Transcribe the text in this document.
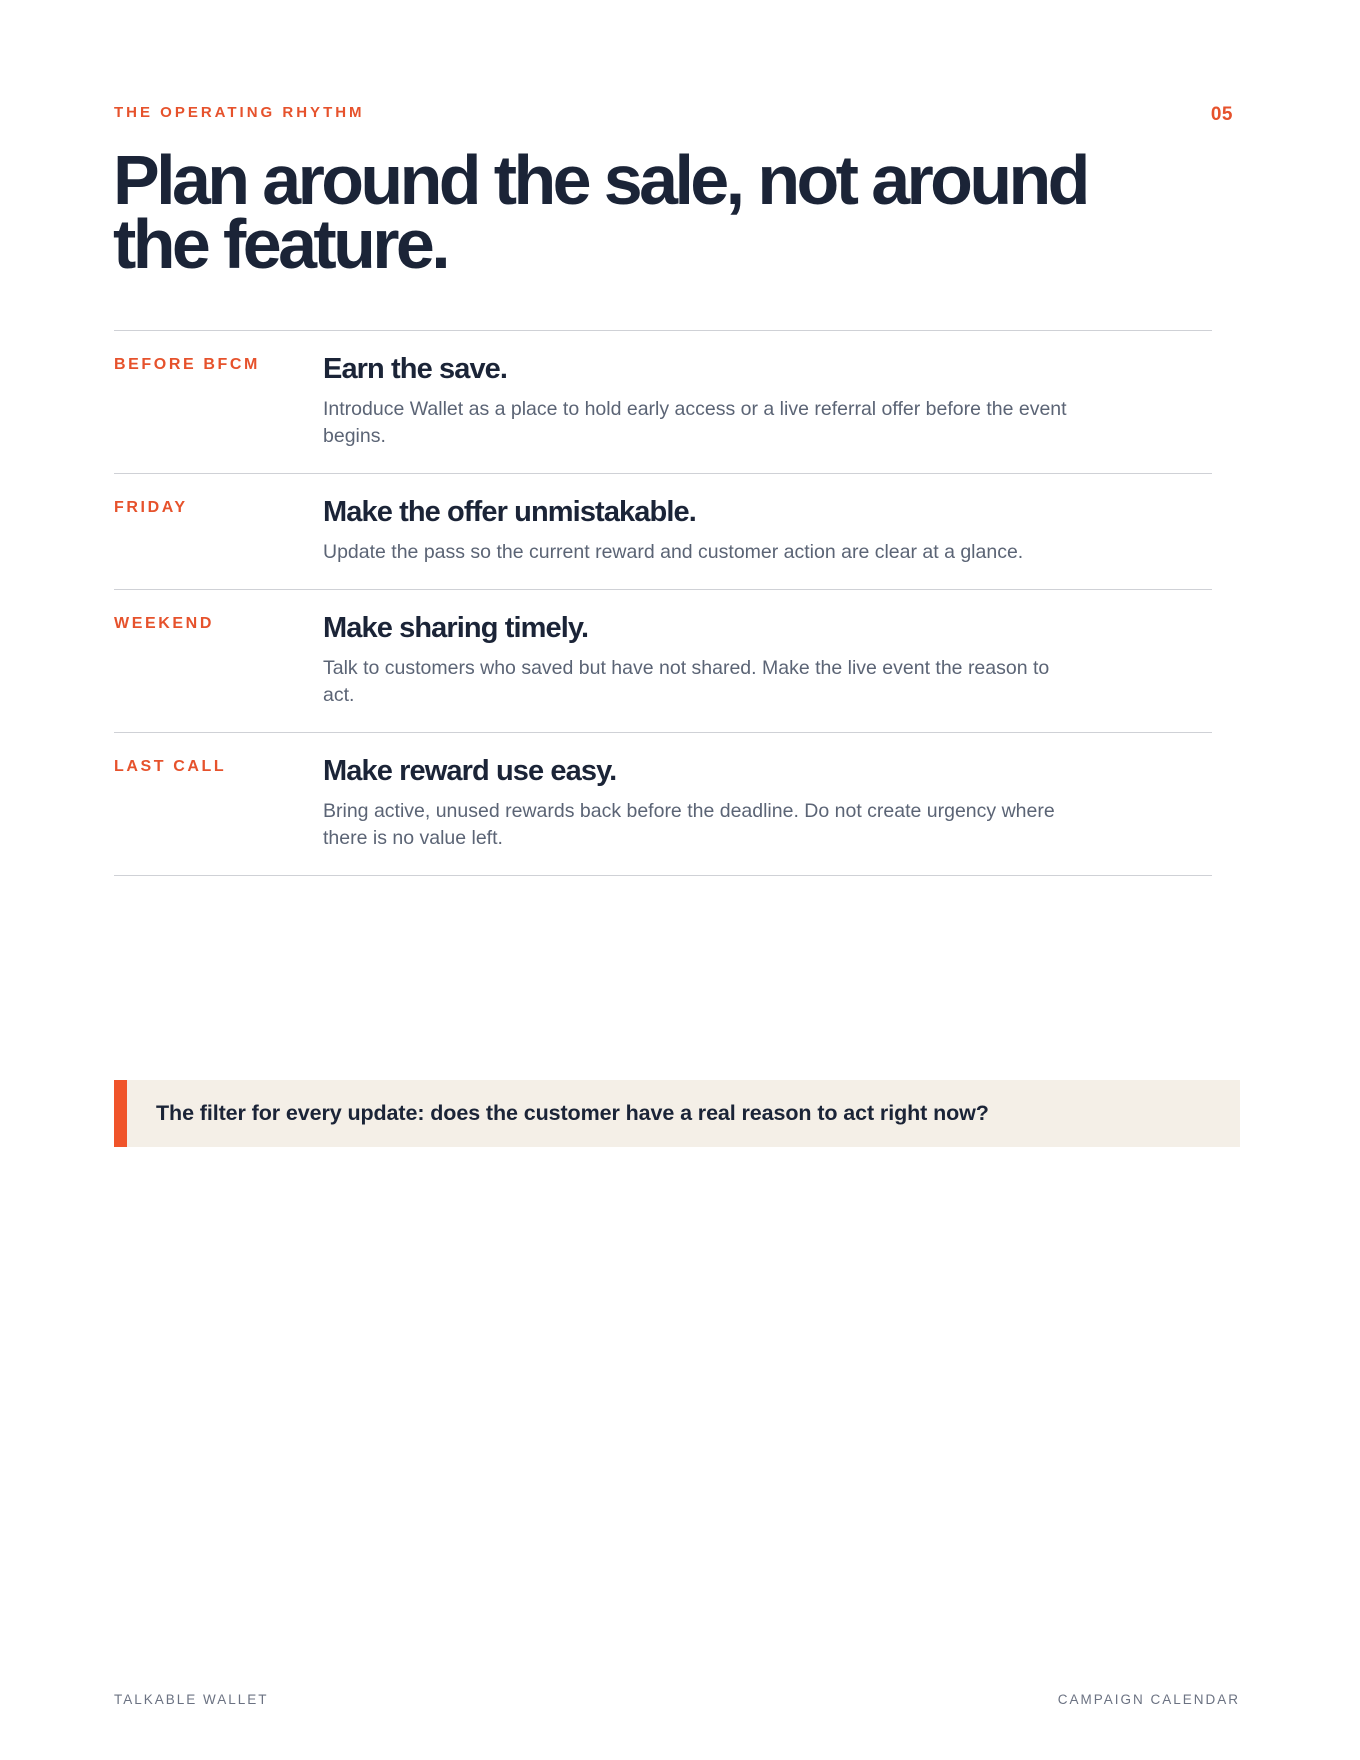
THE OPERATING RHYTHM	05
Plan around the sale, not around the feature.
BEFORE BFCM	Earn the save.

Introduce Wallet as a place to hold early access or a live referral offer before the event begins.

FRIDAY	Make the offer unmistakable.

Update the pass so the current reward and customer action are clear at a glance.

WEEKEND	Make sharing timely.

Talk to customers who saved but have not shared. Make the live event the reason to act.

LAST CALL	Make reward use easy.

Bring active, unused rewards back before the deadline. Do not create urgency where there is no value left.

The filter for every update: does the customer have a real reason to act right now?
TALKABLE WALLET	CAMPAIGN CALENDAR
